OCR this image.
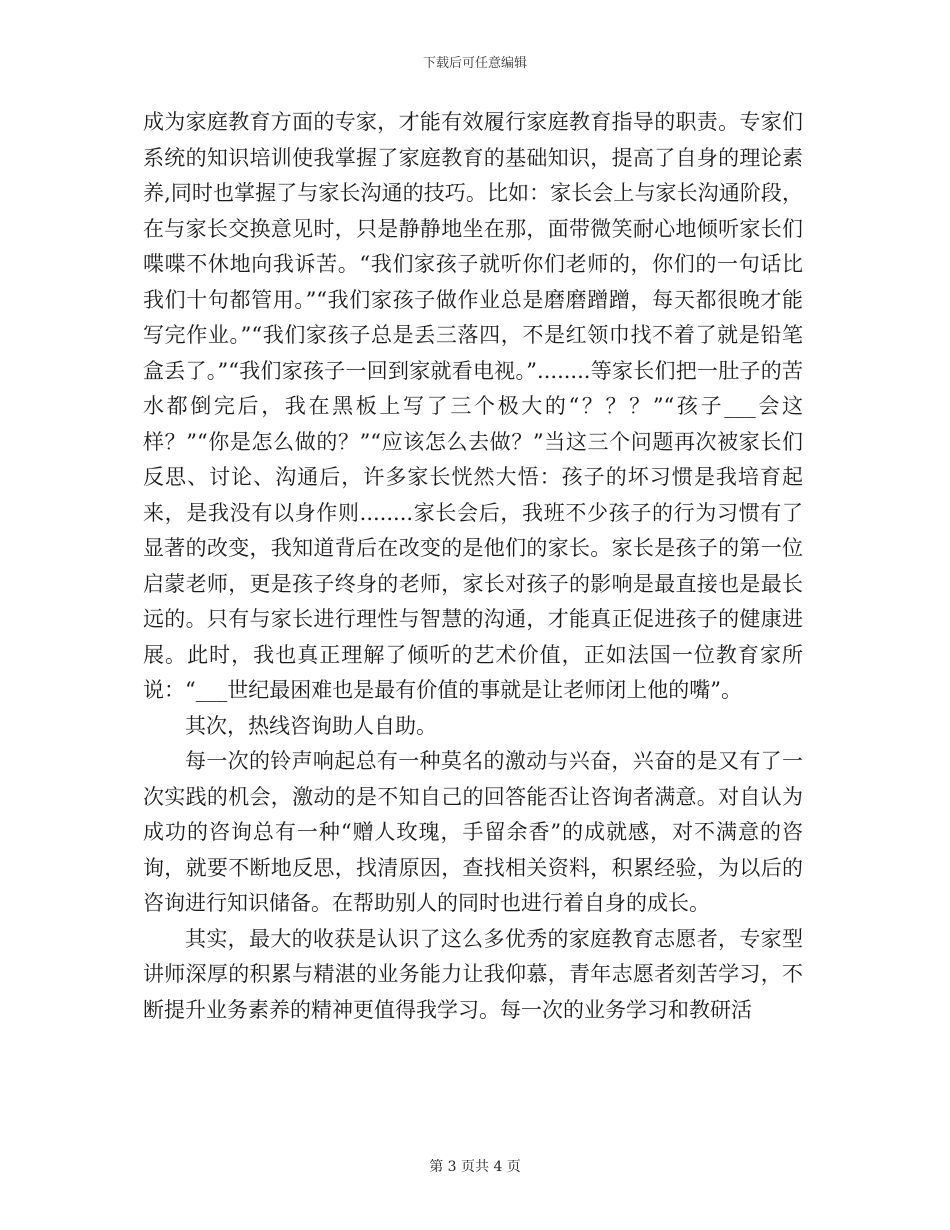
下载后可任意编辑

成为家庭教育方面的专家，才能有效履行家庭教育指导的职责。专家们系统的知识培训使我掌握了家庭教育的基础知识，提高了自身的理论素养,同时也掌握了与家长沟通的技巧。比如：家长会上与家长沟通阶段，在与家长交换意见时，只是静静地坐在那，面带微笑耐心地倾听家长们喋喋不休地向我诉苦。“我们家孩子就听你们老师的，你们的一句话比我们十句都管用。”“我们家孩子做作业总是磨磨蹭蹭，每天都很晚才能写完作业。”“我们家孩子总是丢三落四，不是红领巾找不着了就是铅笔盒丢了。”“我们家孩子一回到家就看电视。”........等家长们把一肚子的苦水都倒完后，我在黑板上写了三个极大的“？？？”“孩子___会这样？”“你是怎么做的？”“应该怎么去做？”当这三个问题再次被家长们反思、讨论、沟通后，许多家长恍然大悟：孩子的坏习惯是我培育起来，是我没有以身作则........家长会后，我班不少孩子的行为习惯有了显著的改变，我知道背后在改变的是他们的家长。家长是孩子的第一位启蒙老师，更是孩子终身的老师，家长对孩子的影响是最直接也是最长远的。只有与家长进行理性与智慧的沟通，才能真正促进孩子的健康进展。此时，我也真正理解了倾听的艺术价值，正如法国一位教育家所说：“___世纪最困难也是最有价值的事就是让老师闭上他的嘴”。

其次，热线咨询助人自助。

每一次的铃声响起总有一种莫名的激动与兴奋，兴奋的是又有了一次实践的机会，激动的是不知自己的回答能否让咨询者满意。对自认为成功的咨询总有一种“赠人玫瑰，手留余香”的成就感，对不满意的咨询，就要不断地反思，找清原因，查找相关资料，积累经验，为以后的咨询进行知识储备。在帮助别人的同时也进行着自身的成长。

其实，最大的收获是认识了这么多优秀的家庭教育志愿者，专家型讲师深厚的积累与精湛的业务能力让我仰慕，青年志愿者刻苦学习，不断提升业务素养的精神更值得我学习。每一次的业务学习和教研活

第 3 页共 4 页
